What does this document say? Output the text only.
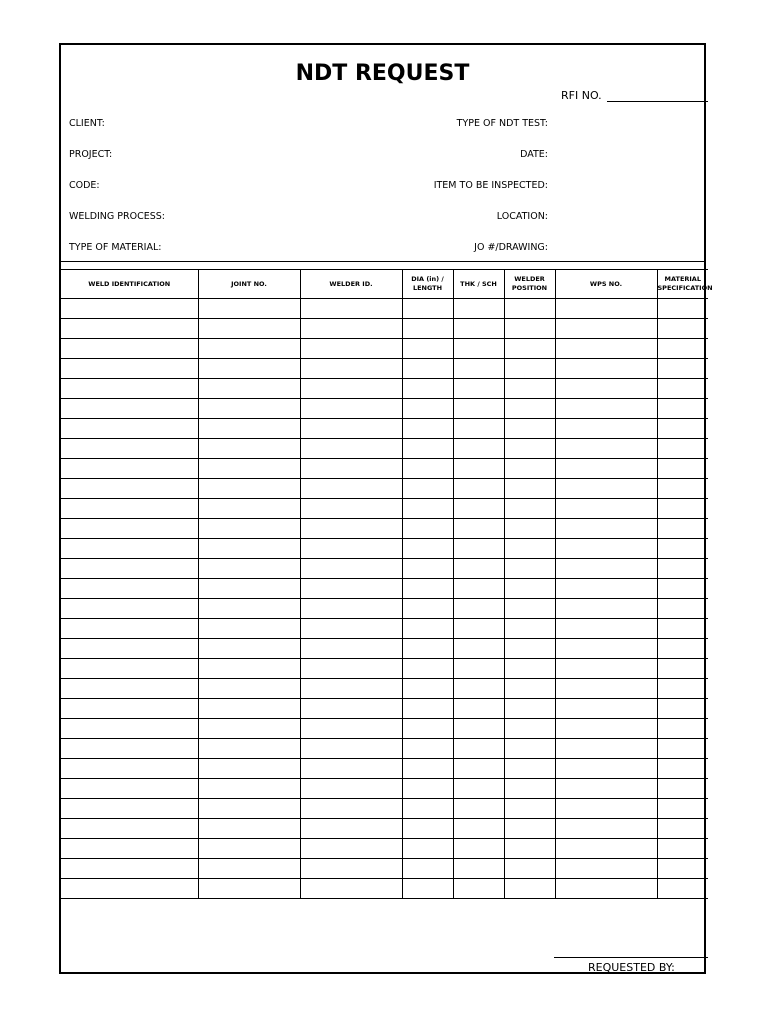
NDT REQUEST
RFI NO.
CLIENT:
PROJECT:
CODE:
WELDING PROCESS:
TYPE OF MATERIAL:
TYPE OF NDT TEST:
DATE:
ITEM TO BE INSPECTED:
LOCATION:
JO #/DRAWING:
WELD IDENTIFICATION	JOINT NO.	WELDER ID.	DIA (in) / LENGTH	THK / SCH	WELDER POSITION	WPS NO.	MATERIAL SPECIFICATION

REQUESTED BY:
